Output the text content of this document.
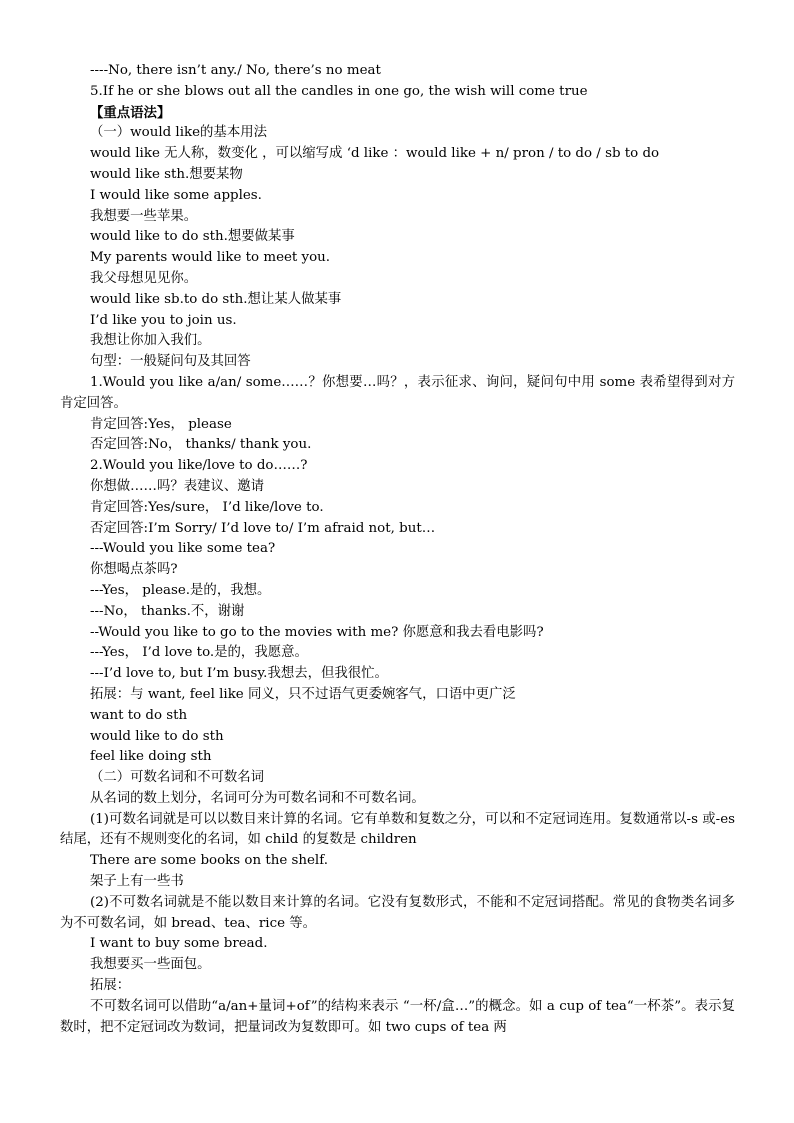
----No, there isn’t any./ No, there’s no meat
5.If he or she blows out all the candles in one go, the wish will come true
【重点语法】
（一）would like的基本用法
would like 无人称，数变化 ，可以缩写成 ‘d like ：would like + n/ pron / to do / sb to do
would like sth.想要某物
I would like some apples.
我想要一些苹果。
would like to do sth.想要做某事
My parents would like to meet you.
我父母想见见你。
would like sb.to do sth.想让某人做某事
I’d like you to join us.
我想让你加入我们。
句型：一般疑问句及其回答
1.Would you like a/an/ some……？你想要…吗？，表示征求、询问，疑问句中用 some 表希望得到对方肯定回答。
肯定回答:Yes， please
否定回答:No， thanks/ thank you.
2.Would you like/love to do……?
你想做……吗？表建议、邀请
肯定回答:Yes/sure， I’d like/love to.
否定回答:I’m Sorry/ I’d love to/ I’m afraid not, but…
---Would you like some tea?
你想喝点茶吗?
---Yes， please.是的，我想。
---No， thanks.不，谢谢
--Would you like to go to the movies with me? 你愿意和我去看电影吗?
---Yes， I’d love to.是的，我愿意。
---I’d love to, but I’m busy.我想去，但我很忙。
拓展：与 want, feel like 同义，只不过语气更委婉客气，口语中更广泛
want to do sth
would like to do sth
feel like doing sth
（二）可数名词和不可数名词
从名词的数上划分，名词可分为可数名词和不可数名词。
(1)可数名词就是可以以数目来计算的名词。它有单数和复数之分，可以和不定冠词连用。复数通常以-s 或-es 结尾，还有不规则变化的名词，如 child 的复数是 children
There are some books on the shelf.
架子上有一些书
(2)不可数名词就是不能以数目来计算的名词。它没有复数形式，不能和不定冠词搭配。常见的食物类名词多为不可数名词，如 bread、tea、rice 等。
I want to buy some bread.
我想要买一些面包。
拓展：
不可数名词可以借助“a/an+量词+of”的结构来表示 “一杯/盒…”的概念。如 a cup of tea“一杯茶”。表示复数时，把不定冠词改为数词，把量词改为复数即可。如 two cups of tea 两
